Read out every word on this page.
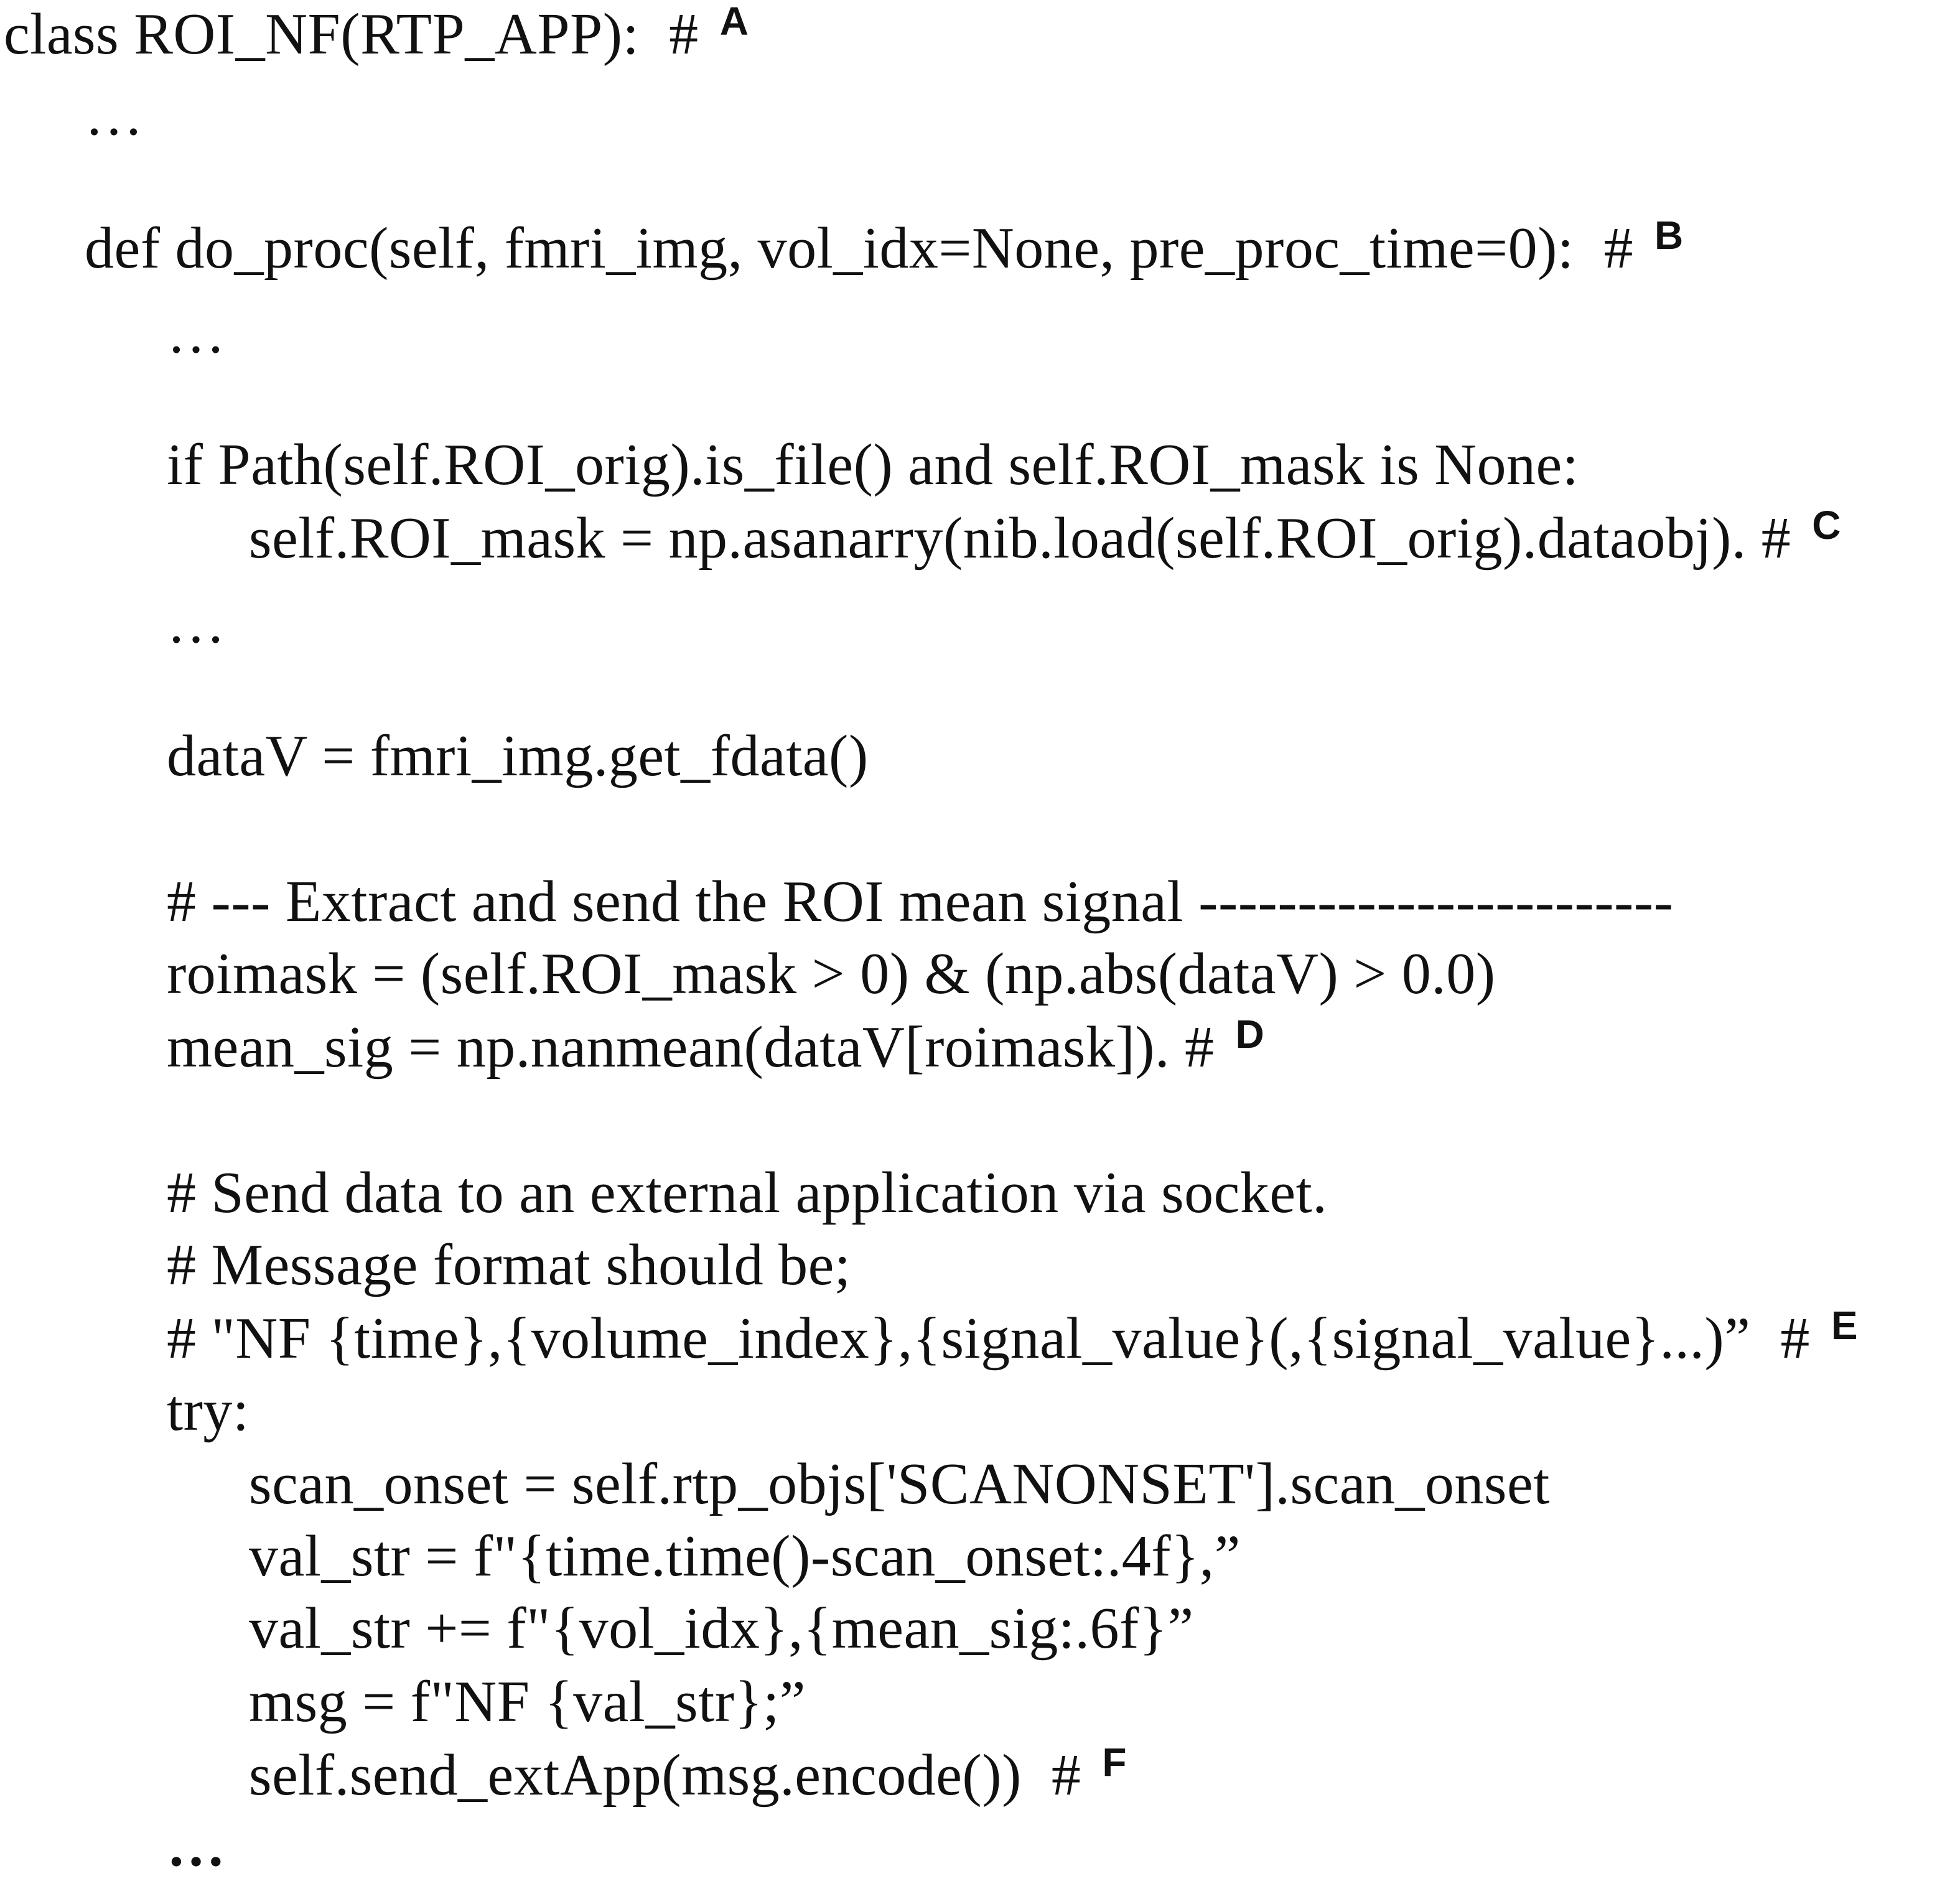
class ROI_NF(RTP_APP):  # $^A$
…
def do_proc(self, fmri_img, vol_idx=None, pre_proc_time=0):  # $^B$
…
if Path(self.ROI_orig).is_file() and self.ROI_mask is None:
self.ROI_mask = np.asanarry(nib.load(self.ROI_orig).dataobj). # $^C$
…
dataV = fmri_img.get_fdata()
# --- Extract and send the ROI mean signal ------------------------
roimask = (self.ROI_mask > 0) & (np.abs(dataV) > 0.0)
mean_sig = np.nanmean(dataV[roimask]). # $^D$
# Send data to an external application via socket.
# Message format should be;
# "NF {time},{volume_index},{signal_value}(,{signal_value}...)”  # $^E$
try:
scan_onset = self.rtp_objs['SCANONSET'].scan_onset
val_str = f"{time.time()-scan_onset:.4f},”
val_str += f"{vol_idx},{mean_sig:.6f}”
msg = f"NF {val_str};”
self.send_extApp(msg.encode())  # $^F$
…
